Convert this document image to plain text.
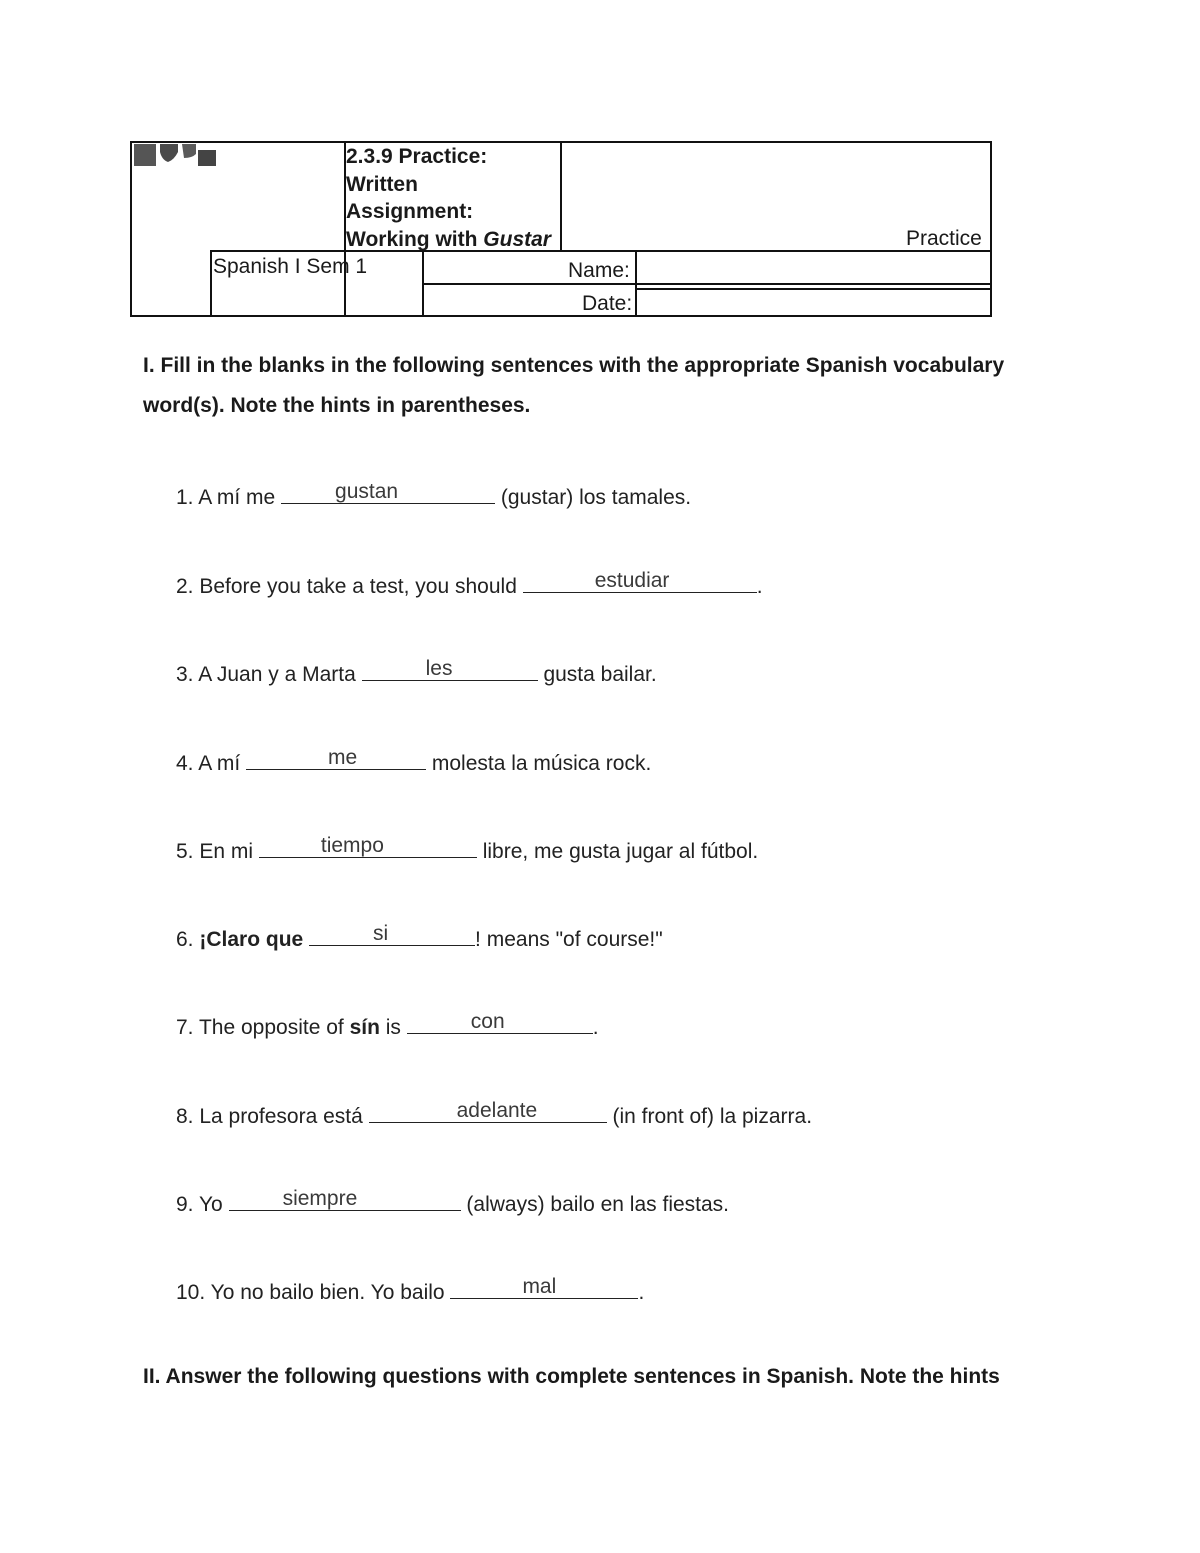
2.3.9 Practice:
Written
Assignment:
Working with Gustar	Practice
Spanish I Sem 1	Name:
Date:
I. Fill in the blanks in the following sentences with the appropriate Spanish vocabulary
word(s). Note the hints in parentheses.
1. A mí me	gustan	(gustar) los tamales.
2. Before you take a test, you should	estudiar	.
3. A Juan y a Marta	les	gusta bailar.
4. A mí	me	molesta la música rock.
5. En mi	tiempo	libre, me gusta jugar al fútbol.
6. ¡Claro que	si	! means "of course!"
7. The opposite of sín is	con	.
8. La profesora está	adelante	(in front of) la pizarra.
9. Yo	siempre	(always) bailo en las fiestas.
10. Yo no bailo bien. Yo bailo	mal	.
II. Answer the following questions with complete sentences in Spanish. Note the hints
